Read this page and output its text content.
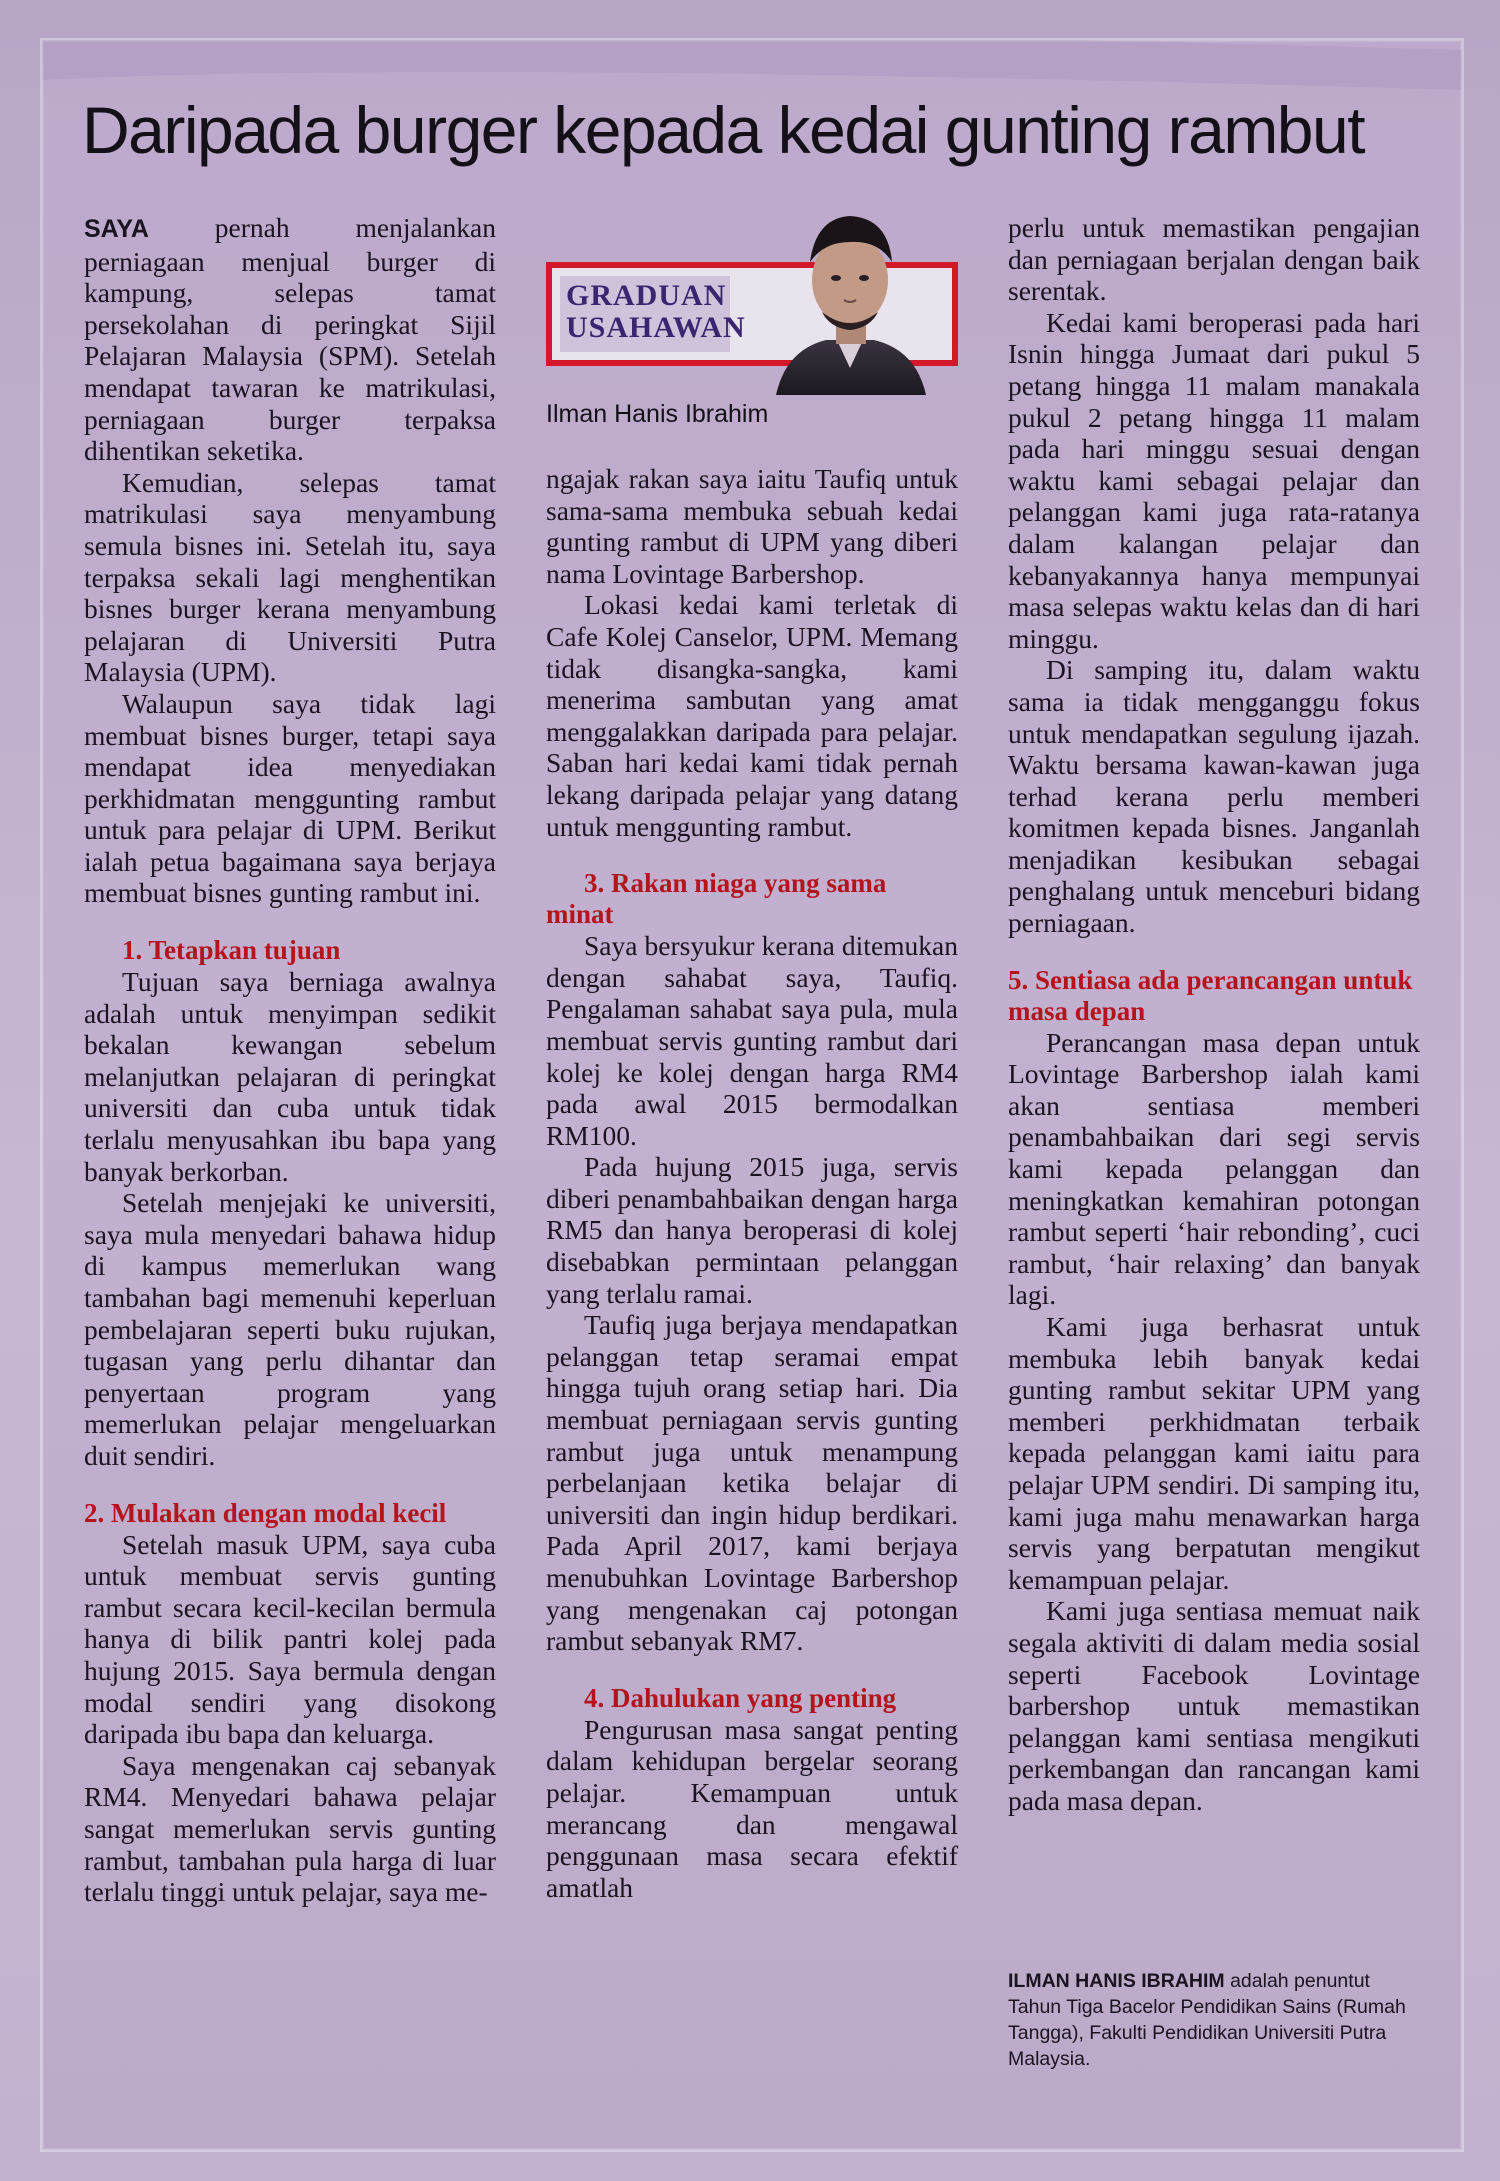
Daripada burger kepada kedai gunting rambut

SAYA pernah menjalankan perniagaan menjual burger di kampung, selepas tamat persekolahan di peringkat Sijil Pelajaran Malaysia (SPM). Setelah mendapat tawaran ke matrikulasi, perniagaan burger terpaksa dihentikan seketika.

Kemudian, selepas tamat matrikulasi saya menyambung semula bisnes ini. Setelah itu, saya terpaksa sekali lagi menghentikan bisnes burger kerana menyambung pelajaran di Universiti Putra Malaysia (UPM).

Walaupun saya tidak lagi membuat bisnes burger, tetapi saya mendapat idea menyediakan perkhidmatan menggunting rambut untuk para pelajar di UPM. Berikut ialah petua bagaimana saya berjaya membuat bisnes gunting rambut ini.

1. Tetapkan tujuan

Tujuan saya berniaga awalnya adalah untuk menyimpan sedikit bekalan kewangan sebelum melanjutkan pelajaran di peringkat universiti dan cuba untuk tidak terlalu menyusahkan ibu bapa yang banyak berkorban.

Setelah menjejaki ke universiti, saya mula menyedari bahawa hidup di kampus memerlukan wang tambahan bagi memenuhi keperluan pembelajaran seperti buku rujukan, tugasan yang perlu dihantar dan penyertaan program yang memerlukan pelajar mengeluarkan duit sendiri.

2. Mulakan dengan modal kecil

Setelah masuk UPM, saya cuba untuk membuat servis gunting rambut secara kecil-kecilan bermula hanya di bilik pantri kolej pada hujung 2015. Saya bermula dengan modal sendiri yang disokong daripada ibu bapa dan keluarga.

Saya mengenakan caj sebanyak RM4. Menyedari bahawa pelajar sangat memerlukan servis gunting rambut, tambahan pula harga di luar terlalu tinggi untuk pelajar, saya me-

GRADUAN
USAHAWAN
Ilman Hanis Ibrahim

ngajak rakan saya iaitu Taufiq untuk sama-sama membuka sebuah kedai gunting rambut di UPM yang diberi nama Lovintage Barbershop.

Lokasi kedai kami terletak di Cafe Kolej Canselor, UPM. Memang tidak disangka-sangka, kami menerima sambutan yang amat menggalakkan daripada para pelajar. Saban hari kedai kami tidak pernah lekang daripada pelajar yang datang untuk menggunting rambut.

3. Rakan niaga yang sama minat

Saya bersyukur kerana ditemukan dengan sahabat saya, Taufiq. Pengalaman sahabat saya pula, mula membuat servis gunting rambut dari kolej ke kolej dengan harga RM4 pada awal 2015 bermodalkan RM100.

Pada hujung 2015 juga, servis diberi penambahbaikan dengan harga RM5 dan hanya beroperasi di kolej disebabkan permintaan pelanggan yang terlalu ramai.

Taufiq juga berjaya mendapatkan pelanggan tetap seramai empat hingga tujuh orang setiap hari. Dia membuat perniagaan servis gunting rambut juga untuk menampung perbelanjaan ketika belajar di universiti dan ingin hidup berdikari. Pada April 2017, kami berjaya menubuhkan Lovintage Barbershop yang mengenakan caj potongan rambut sebanyak RM7.

4. Dahulukan yang penting

Pengurusan masa sangat penting dalam kehidupan bergelar seorang pelajar. Kemampuan untuk merancang dan mengawal penggunaan masa secara efektif amatlah

perlu untuk memastikan pengajian dan perniagaan berjalan dengan baik serentak.

Kedai kami beroperasi pada hari Isnin hingga Jumaat dari pukul 5 petang hingga 11 malam manakala pukul 2 petang hingga 11 malam pada hari minggu sesuai dengan waktu kami sebagai pelajar dan pelanggan kami juga rata-ratanya dalam kalangan pelajar dan kebanyakannya hanya mempunyai masa selepas waktu kelas dan di hari minggu.

Di samping itu, dalam waktu sama ia tidak mengganggu fokus untuk mendapatkan segulung ijazah. Waktu bersama kawan-kawan juga terhad kerana perlu memberi komitmen kepada bisnes. Janganlah menjadikan kesibukan sebagai penghalang untuk menceburi bidang perniagaan.

5. Sentiasa ada perancangan untuk masa depan

Perancangan masa depan untuk Lovintage Barbershop ialah kami akan sentiasa memberi penambahbaikan dari segi servis kami kepada pelanggan dan meningkatkan kemahiran potongan rambut seperti ‘hair rebonding’, cuci rambut, ‘hair relaxing’ dan banyak lagi.

Kami juga berhasrat untuk membuka lebih banyak kedai gunting rambut sekitar UPM yang memberi perkhidmatan terbaik kepada pelanggan kami iaitu para pelajar UPM sendiri. Di samping itu, kami juga mahu menawarkan harga servis yang berpatutan mengikut kemampuan pelajar.

Kami juga sentiasa memuat naik segala aktiviti di dalam media sosial seperti Facebook Lovintage barbershop untuk memastikan pelanggan kami sentiasa mengikuti perkembangan dan rancangan kami pada masa depan.

ILMAN HANIS IBRAHIM adalah penuntut Tahun Tiga Bacelor Pendidikan Sains (Rumah Tangga), Fakulti Pendidikan Universiti Putra Malaysia.
